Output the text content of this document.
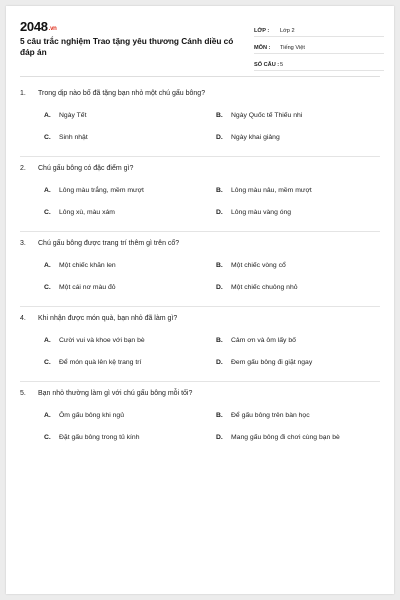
2048.vn
5 câu trắc nghiệm Trao tặng yêu thương Cánh diều có đáp án
LỚP :	Lớp 2
MÔN :	Tiếng Việt
SỐ CÂU : 5
1.	Trong dịp nào bố đã tặng bạn nhỏ một chú gấu bông?
A. Ngày Tết	B. Ngày Quốc tế Thiếu nhi
C. Sinh nhật	D. Ngày khai giảng
2.	Chú gấu bông có đặc điểm gì?
A. Lông màu trắng, mềm mượt	B. Lông màu nâu, mềm mượt
C. Lông xù, màu xám	D. Lông màu vàng óng
3.	Chú gấu bông được trang trí thêm gì trên cổ?
A. Một chiếc khăn len	B. Một chiếc vòng cổ
C. Một cái nơ màu đỏ	D. Một chiếc chuông nhỏ
4.	Khi nhận được món quà, bạn nhỏ đã làm gì?
A. Cười vui và khoe với bạn bè	B. Cảm ơn và ôm lấy bố
C. Để món quà lên kệ trang trí	D. Đem gấu bông đi giặt ngay
5.	Bạn nhỏ thường làm gì với chú gấu bông mỗi tối?
A. Ôm gấu bông khi ngủ	B. Để gấu bông trên bàn học
C. Đặt gấu bông trong tủ kính	D. Mang gấu bông đi chơi cùng bạn bè
